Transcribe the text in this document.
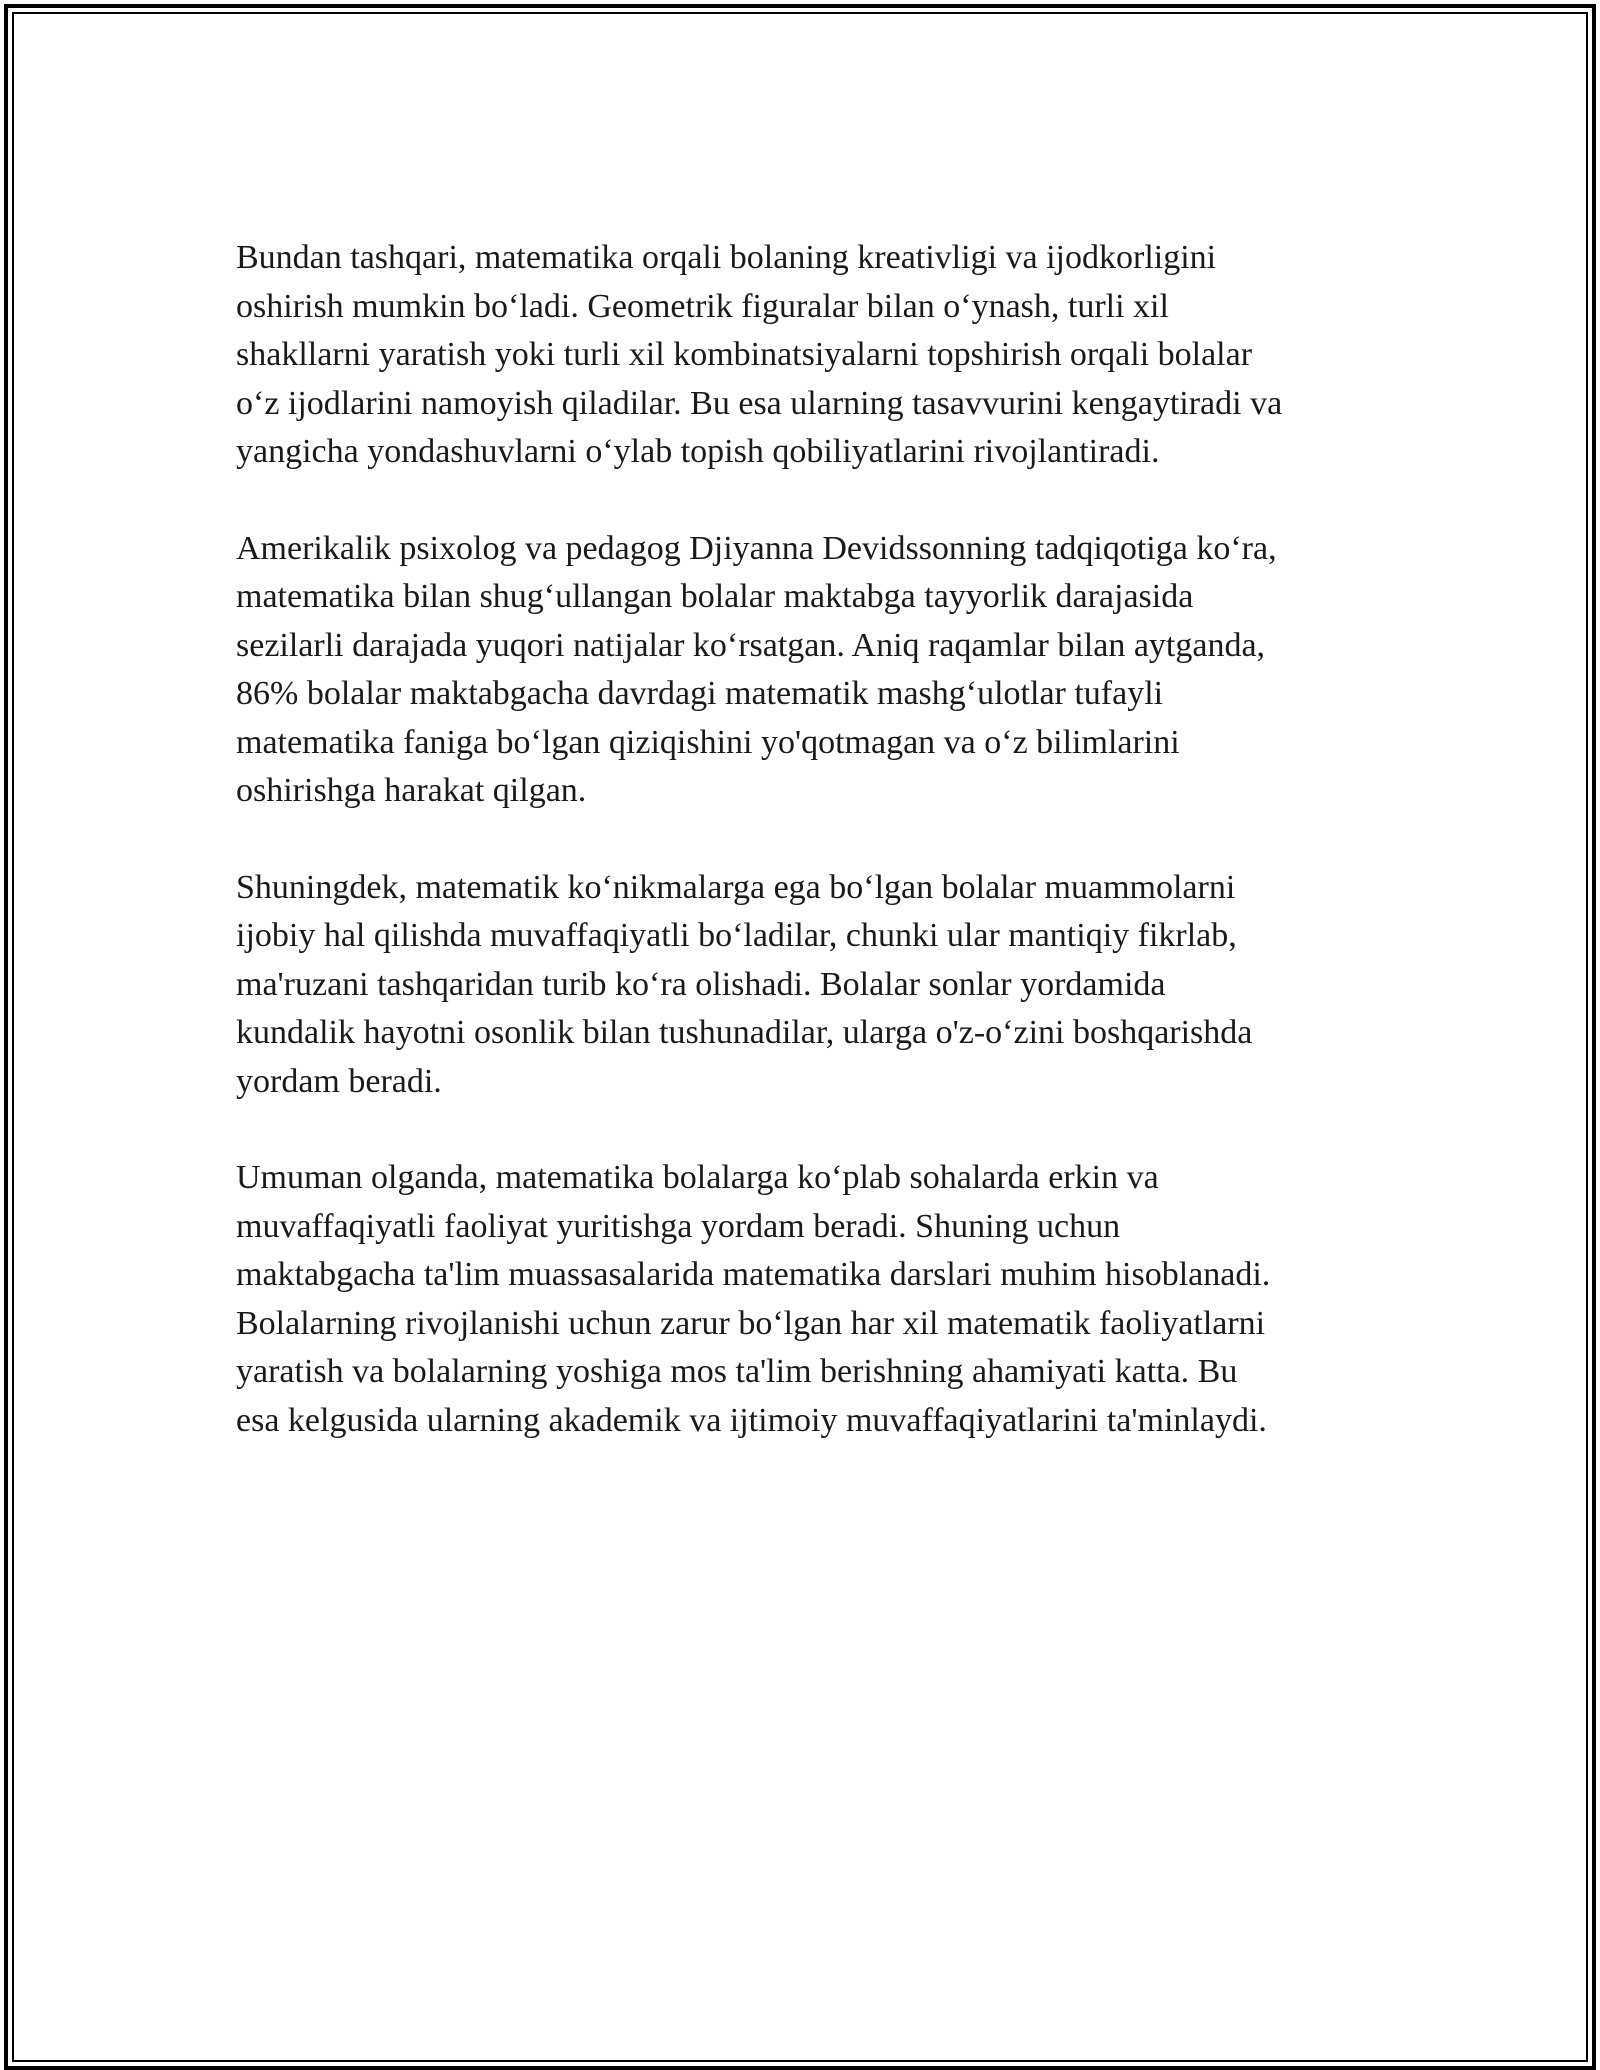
Bundan tashqari, matematika orqali bolaning kreativligi va ijodkorligini
oshirish mumkin bo‘ladi. Geometrik figuralar bilan o‘ynash, turli xil
shakllarni yaratish yoki turli xil kombinatsiyalarni topshirish orqali bolalar
o‘z ijodlarini namoyish qiladilar. Bu esa ularning tasavvurini kengaytiradi va
yangicha yondashuvlarni o‘ylab topish qobiliyatlarini rivojlantiradi.

Amerikalik psixolog va pedagog Djiyanna Devidssonning tadqiqotiga ko‘ra,
matematika bilan shug‘ullangan bolalar maktabga tayyorlik darajasida
sezilarli darajada yuqori natijalar ko‘rsatgan. Aniq raqamlar bilan aytganda,
86% bolalar maktabgacha davrdagi matematik mashg‘ulotlar tufayli
matematika faniga bo‘lgan qiziqishini yo'qotmagan va o‘z bilimlarini
oshirishga harakat qilgan.

Shuningdek, matematik ko‘nikmalarga ega bo‘lgan bolalar muammolarni
ijobiy hal qilishda muvaffaqiyatli bo‘ladilar, chunki ular mantiqiy fikrlab,
ma'ruzani tashqaridan turib ko‘ra olishadi. Bolalar sonlar yordamida
kundalik hayotni osonlik bilan tushunadilar, ularga o'z-o‘zini boshqarishda
yordam beradi.

Umuman olganda, matematika bolalarga ko‘plab sohalarda erkin va
muvaffaqiyatli faoliyat yuritishga yordam beradi. Shuning uchun
maktabgacha ta'lim muassasalarida matematika darslari muhim hisoblanadi.
Bolalarning rivojlanishi uchun zarur bo‘lgan har xil matematik faoliyatlarni
yaratish va bolalarning yoshiga mos ta'lim berishning ahamiyati katta. Bu
esa kelgusida ularning akademik va ijtimoiy muvaffaqiyatlarini ta'minlaydi.
